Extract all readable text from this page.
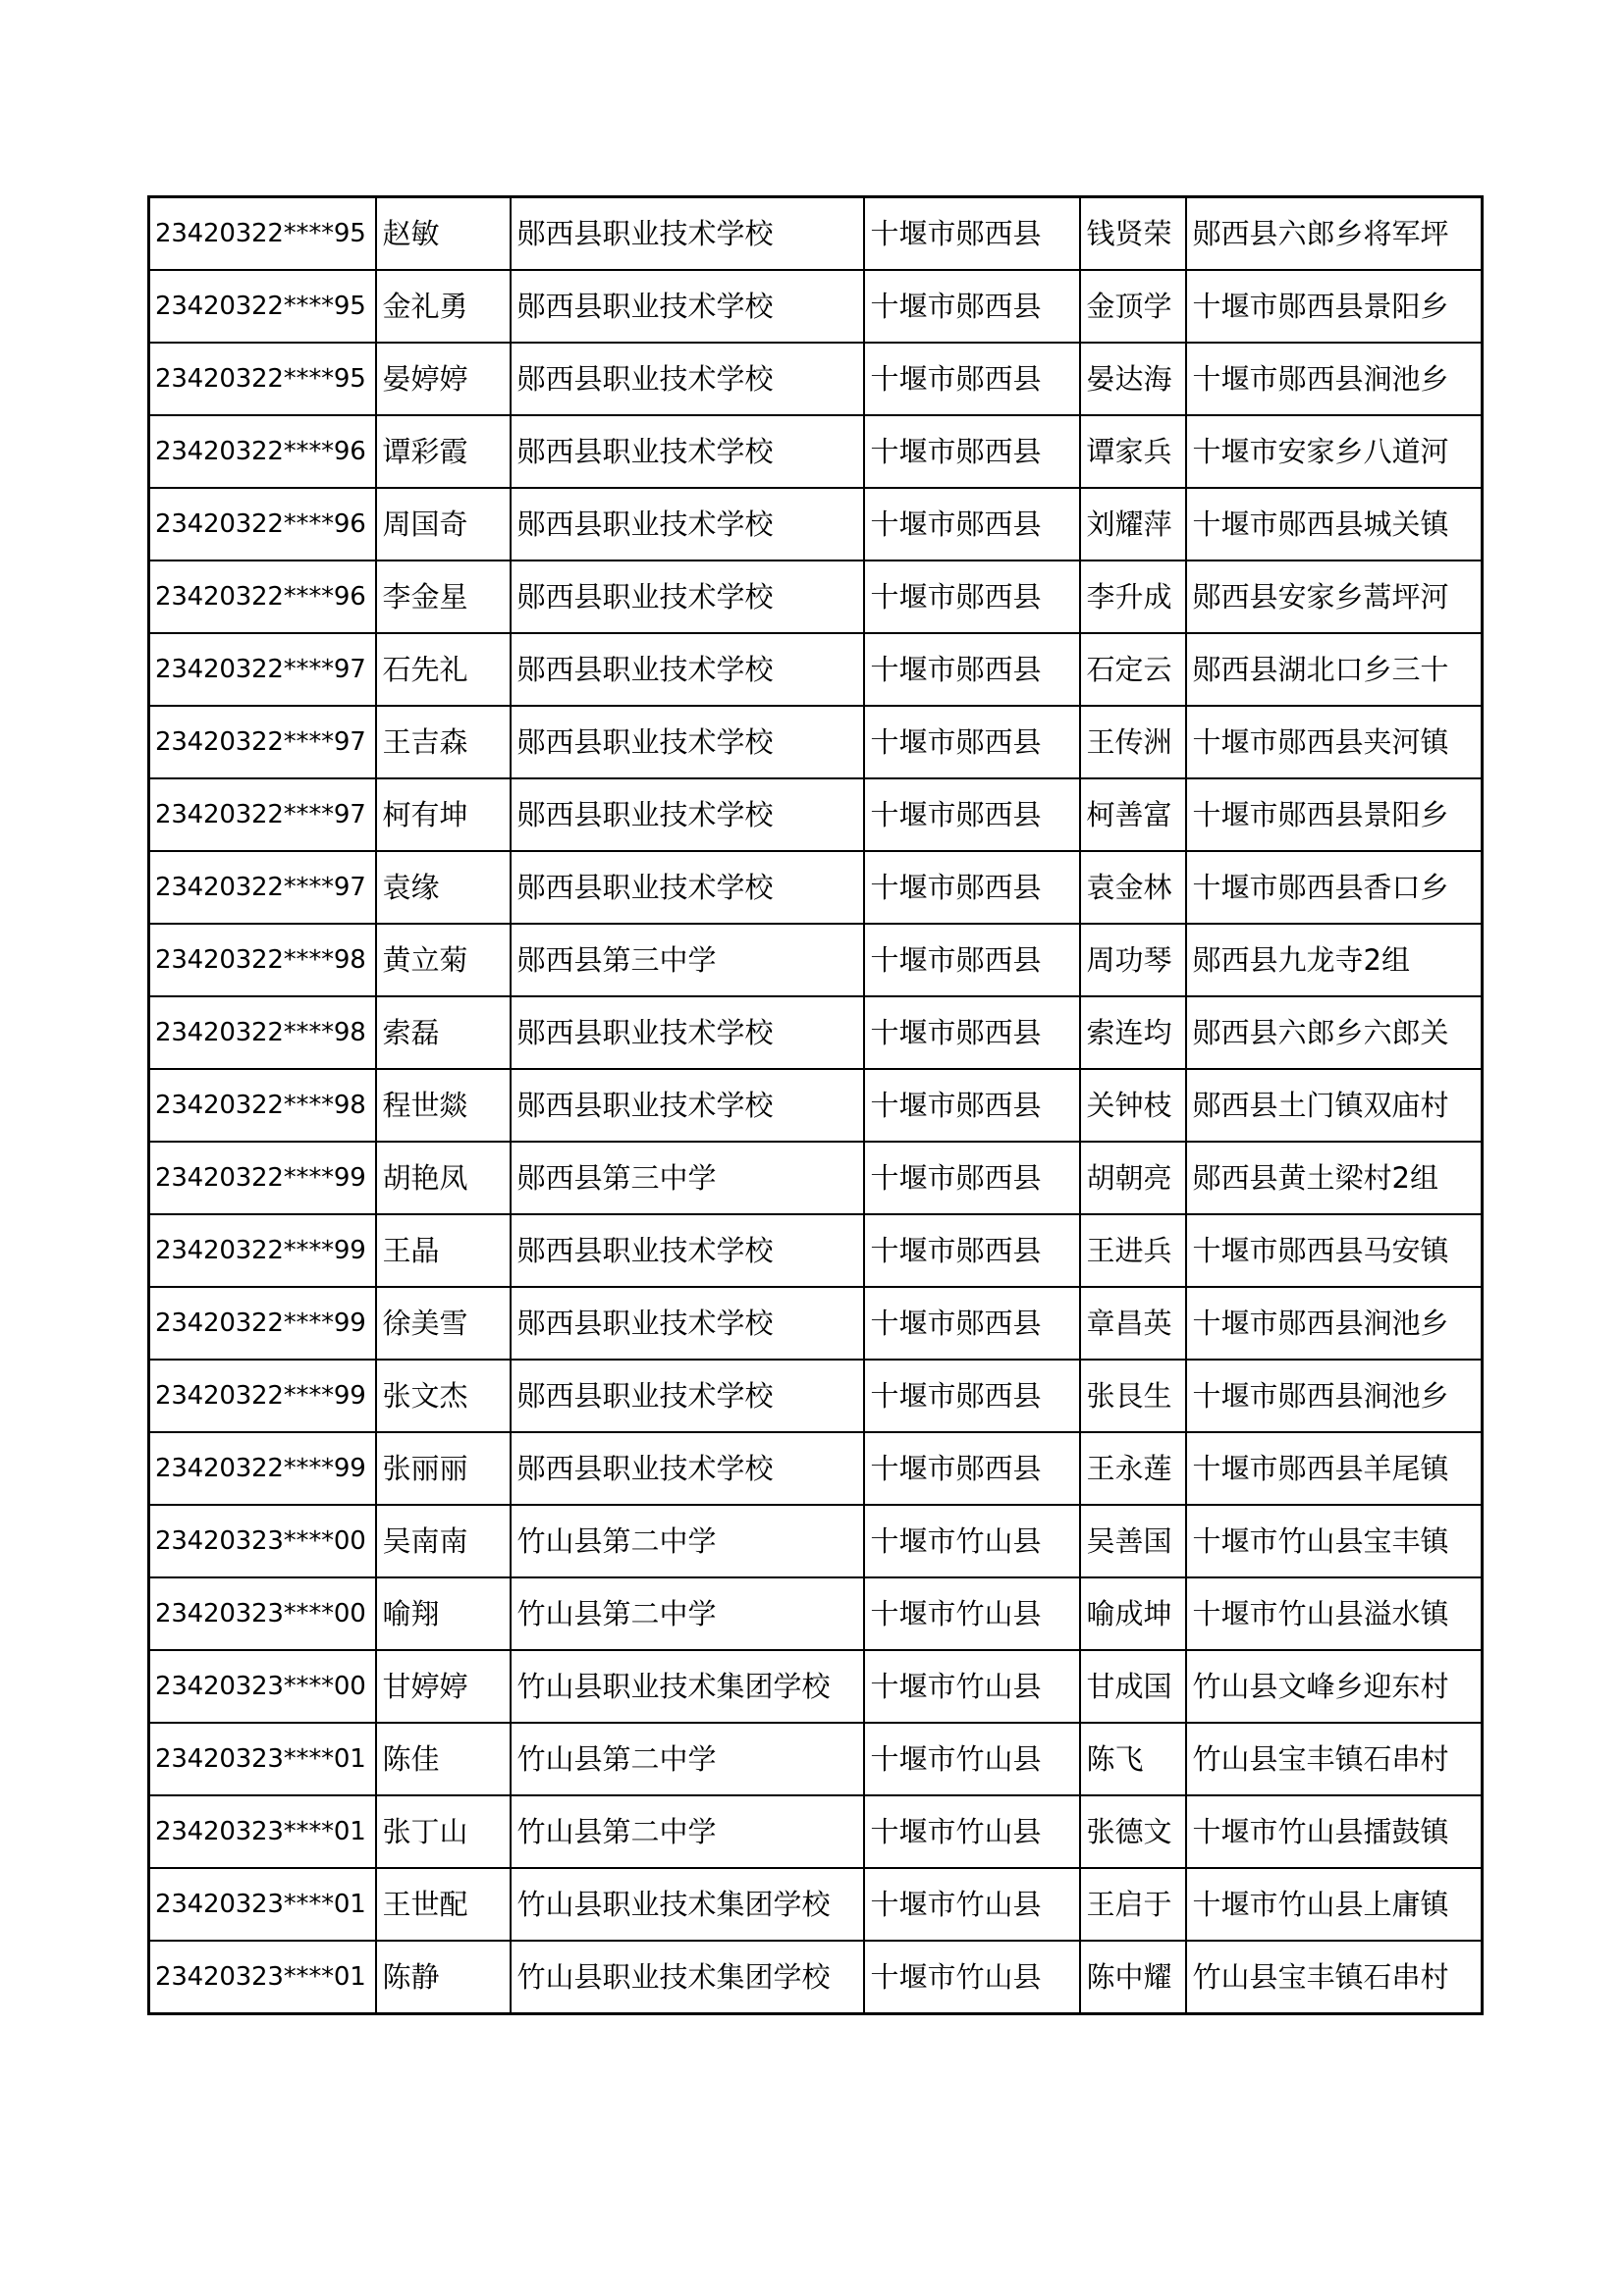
23420322****95	赵敏	郧西县职业技术学校	十堰市郧西县	钱贤荣	郧西县六郎乡将军坪
23420322****95	金礼勇	郧西县职业技术学校	十堰市郧西县	金顶学	十堰市郧西县景阳乡
23420322****95	晏婷婷	郧西县职业技术学校	十堰市郧西县	晏达海	十堰市郧西县涧池乡
23420322****96	谭彩霞	郧西县职业技术学校	十堰市郧西县	谭家兵	十堰市安家乡八道河
23420322****96	周国奇	郧西县职业技术学校	十堰市郧西县	刘耀萍	十堰市郧西县城关镇
23420322****96	李金星	郧西县职业技术学校	十堰市郧西县	李升成	郧西县安家乡蒿坪河
23420322****97	石先礼	郧西县职业技术学校	十堰市郧西县	石定云	郧西县湖北口乡三十
23420322****97	王吉森	郧西县职业技术学校	十堰市郧西县	王传洲	十堰市郧西县夹河镇
23420322****97	柯有坤	郧西县职业技术学校	十堰市郧西县	柯善富	十堰市郧西县景阳乡
23420322****97	袁缘	郧西县职业技术学校	十堰市郧西县	袁金林	十堰市郧西县香口乡
23420322****98	黄立菊	郧西县第三中学	十堰市郧西县	周功琴	郧西县九龙寺2组
23420322****98	索磊	郧西县职业技术学校	十堰市郧西县	索连均	郧西县六郎乡六郎关
23420322****98	程世燚	郧西县职业技术学校	十堰市郧西县	关钟枝	郧西县土门镇双庙村
23420322****99	胡艳凤	郧西县第三中学	十堰市郧西县	胡朝亮	郧西县黄土梁村2组
23420322****99	王晶	郧西县职业技术学校	十堰市郧西县	王进兵	十堰市郧西县马安镇
23420322****99	徐美雪	郧西县职业技术学校	十堰市郧西县	章昌英	十堰市郧西县涧池乡
23420322****99	张文杰	郧西县职业技术学校	十堰市郧西县	张艮生	十堰市郧西县涧池乡
23420322****99	张丽丽	郧西县职业技术学校	十堰市郧西县	王永莲	十堰市郧西县羊尾镇
23420323****00	吴南南	竹山县第二中学	十堰市竹山县	吴善国	十堰市竹山县宝丰镇
23420323****00	喻翔	竹山县第二中学	十堰市竹山县	喻成坤	十堰市竹山县溢水镇
23420323****00	甘婷婷	竹山县职业技术集团学校	十堰市竹山县	甘成国	竹山县文峰乡迎东村
23420323****01	陈佳	竹山县第二中学	十堰市竹山县	陈飞	竹山县宝丰镇石串村
23420323****01	张丁山	竹山县第二中学	十堰市竹山县	张德文	十堰市竹山县擂鼓镇
23420323****01	王世配	竹山县职业技术集团学校	十堰市竹山县	王启于	十堰市竹山县上庸镇
23420323****01	陈静	竹山县职业技术集团学校	十堰市竹山县	陈中耀	竹山县宝丰镇石串村
